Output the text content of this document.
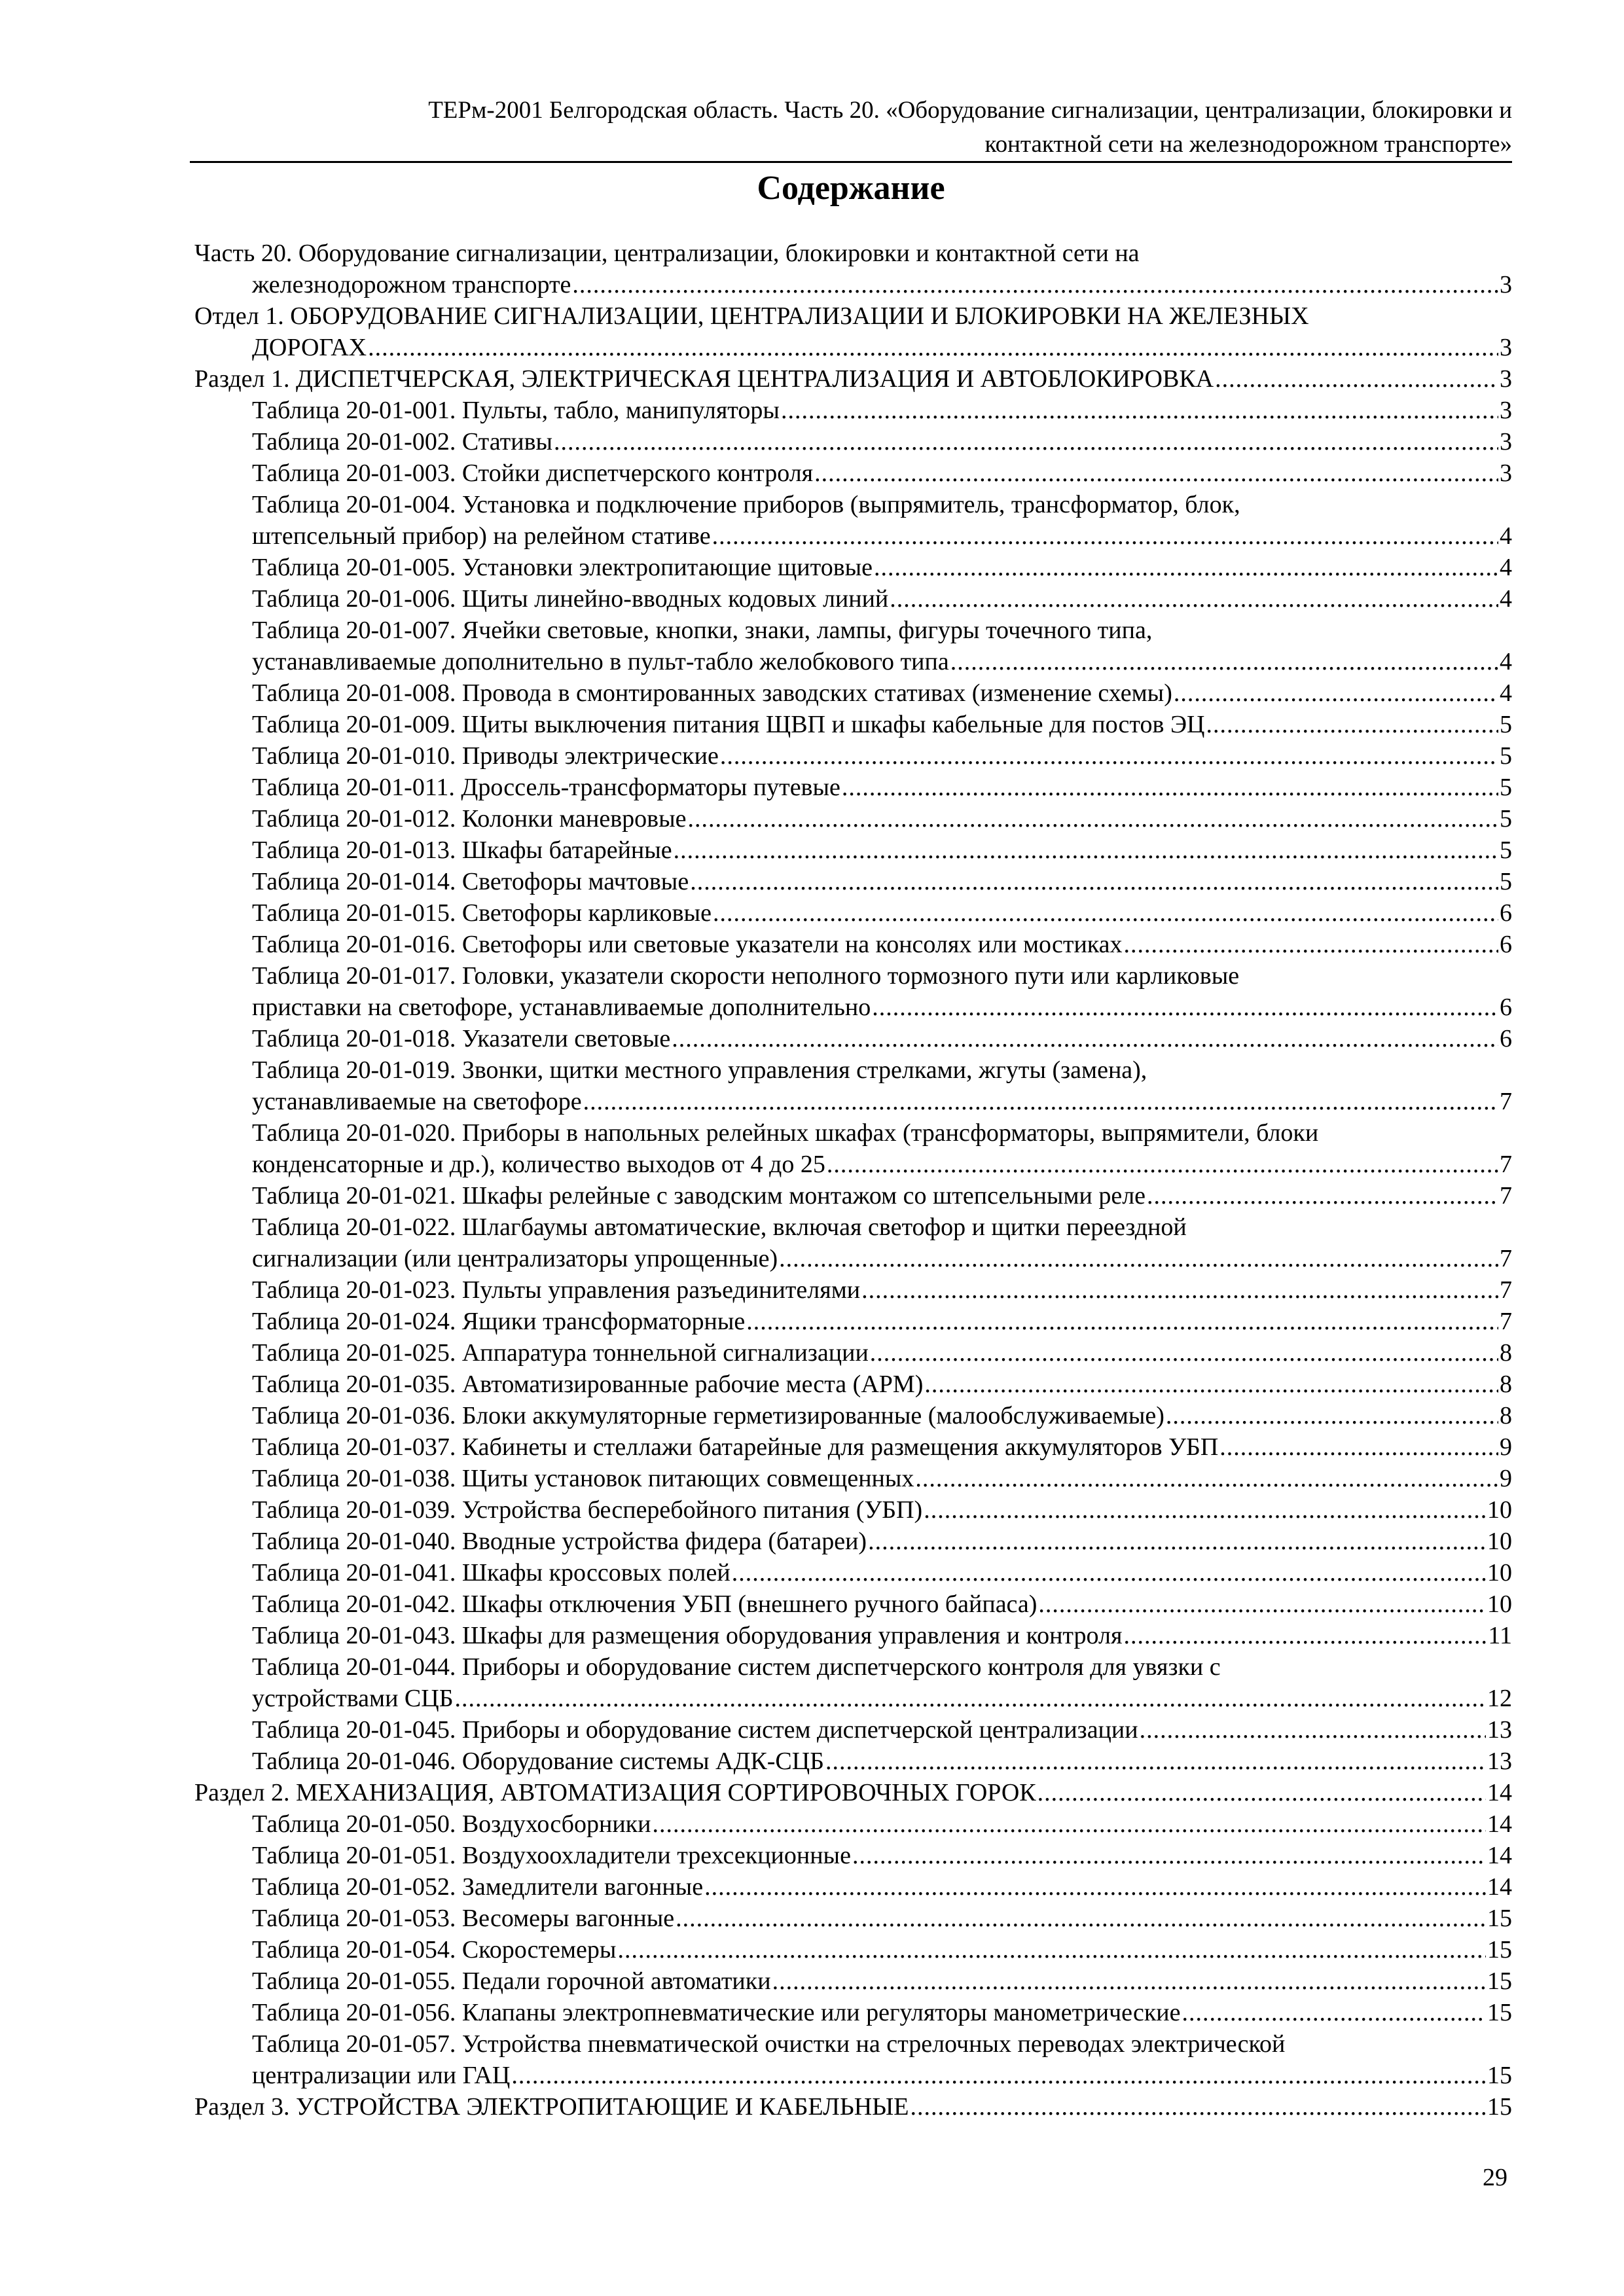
ТЕРм-2001 Белгородская область. Часть 20. «Оборудование сигнализации, централизации, блокировки и
контактной сети на железнодорожном транспорте»
Содержание
Часть 20. Оборудование сигнализации, централизации, блокировки и контактной сети на
железнодорожном транспорте .....	3
Отдел 1. ОБОРУДОВАНИЕ СИГНАЛИЗАЦИИ, ЦЕНТРАЛИЗАЦИИ И БЛОКИРОВКИ НА ЖЕЛЕЗНЫХ
ДОРОГАХ .....	3
Раздел 1. ДИСПЕТЧЕРСКАЯ, ЭЛЕКТРИЧЕСКАЯ ЦЕНТРАЛИЗАЦИЯ И АВТОБЛОКИРОВКА .....	3
Таблица 20-01-001. Пульты, табло, манипуляторы .....	3
Таблица 20-01-002. Стативы .....	3
Таблица 20-01-003. Стойки диспетчерского контроля .....	3
Таблица 20-01-004. Установка и подключение приборов (выпрямитель, трансформатор, блок,
штепсельный прибор) на релейном стативе .....	4
Таблица 20-01-005. Установки электропитающие щитовые .....	4
Таблица 20-01-006. Щиты линейно-вводных кодовых линий .....	4
Таблица 20-01-007. Ячейки световые, кнопки, знаки, лампы, фигуры точечного типа,
устанавливаемые дополнительно в пульт-табло желобкового типа .....	4
Таблица 20-01-008. Провода в смонтированных заводских стативах (изменение схемы) .....	4
Таблица 20-01-009. Щиты выключения питания ЩВП и шкафы кабельные для постов ЭЦ .....	5
Таблица 20-01-010. Приводы электрические .....	5
Таблица 20-01-011. Дроссель-трансформаторы путевые .....	5
Таблица 20-01-012. Колонки маневровые .....	5
Таблица 20-01-013. Шкафы батарейные .....	5
Таблица 20-01-014. Светофоры мачтовые .....	5
Таблица 20-01-015. Светофоры карликовые .....	6
Таблица 20-01-016. Светофоры или световые указатели на консолях или мостиках .....	6
Таблица 20-01-017. Головки, указатели скорости неполного тормозного пути или карликовые
приставки на светофоре, устанавливаемые дополнительно .....	6
Таблица 20-01-018. Указатели световые .....	6
Таблица 20-01-019. Звонки, щитки местного управления стрелками, жгуты (замена),
устанавливаемые на светофоре .....	7
Таблица 20-01-020. Приборы в напольных релейных шкафах (трансформаторы, выпрямители, блоки
конденсаторные и др.), количество выходов от 4 до 25 .....	7
Таблица 20-01-021. Шкафы релейные с заводским монтажом со штепсельными реле .....	7
Таблица 20-01-022. Шлагбаумы автоматические, включая светофор и щитки переездной
сигнализации (или централизаторы упрощенные) .....	7
Таблица 20-01-023. Пульты управления разъединителями .....	7
Таблица 20-01-024. Ящики трансформаторные .....	7
Таблица 20-01-025. Аппаратура тоннельной сигнализации .....	8
Таблица 20-01-035. Автоматизированные рабочие места (АРМ) .....	8
Таблица 20-01-036. Блоки аккумуляторные герметизированные (малообслуживаемые) .....	8
Таблица 20-01-037. Кабинеты и стеллажи батарейные для размещения аккумуляторов УБП .....	9
Таблица 20-01-038. Щиты установок питающих совмещенных .....	9
Таблица 20-01-039. Устройства бесперебойного питания (УБП) .....	10
Таблица 20-01-040. Вводные устройства фидера (батареи) .....	10
Таблица 20-01-041. Шкафы кроссовых полей .....	10
Таблица 20-01-042. Шкафы отключения УБП (внешнего ручного байпаса) .....	10
Таблица 20-01-043. Шкафы для размещения оборудования управления и контроля .....	11
Таблица 20-01-044. Приборы и оборудование систем диспетчерского контроля для увязки с
устройствами СЦБ .....	12
Таблица 20-01-045. Приборы и оборудование систем диспетчерской централизации .....	13
Таблица 20-01-046. Оборудование системы АДК-СЦБ .....	13
Раздел 2. МЕХАНИЗАЦИЯ, АВТОМАТИЗАЦИЯ СОРТИРОВОЧНЫХ ГОРОК .....	14
Таблица 20-01-050. Воздухосборники .....	14
Таблица 20-01-051. Воздухоохладители трехсекционные .....	14
Таблица 20-01-052. Замедлители вагонные .....	14
Таблица 20-01-053. Весомеры вагонные .....	15
Таблица 20-01-054. Скоростемеры .....	15
Таблица 20-01-055. Педали горочной автоматики .....	15
Таблица 20-01-056. Клапаны электропневматические или регуляторы манометрические .....	15
Таблица 20-01-057. Устройства пневматической очистки на стрелочных переводах электрической
централизации или ГАЦ .....	15
Раздел 3. УСТРОЙСТВА ЭЛЕКТРОПИТАЮЩИЕ И КАБЕЛЬНЫЕ .....	15
29
